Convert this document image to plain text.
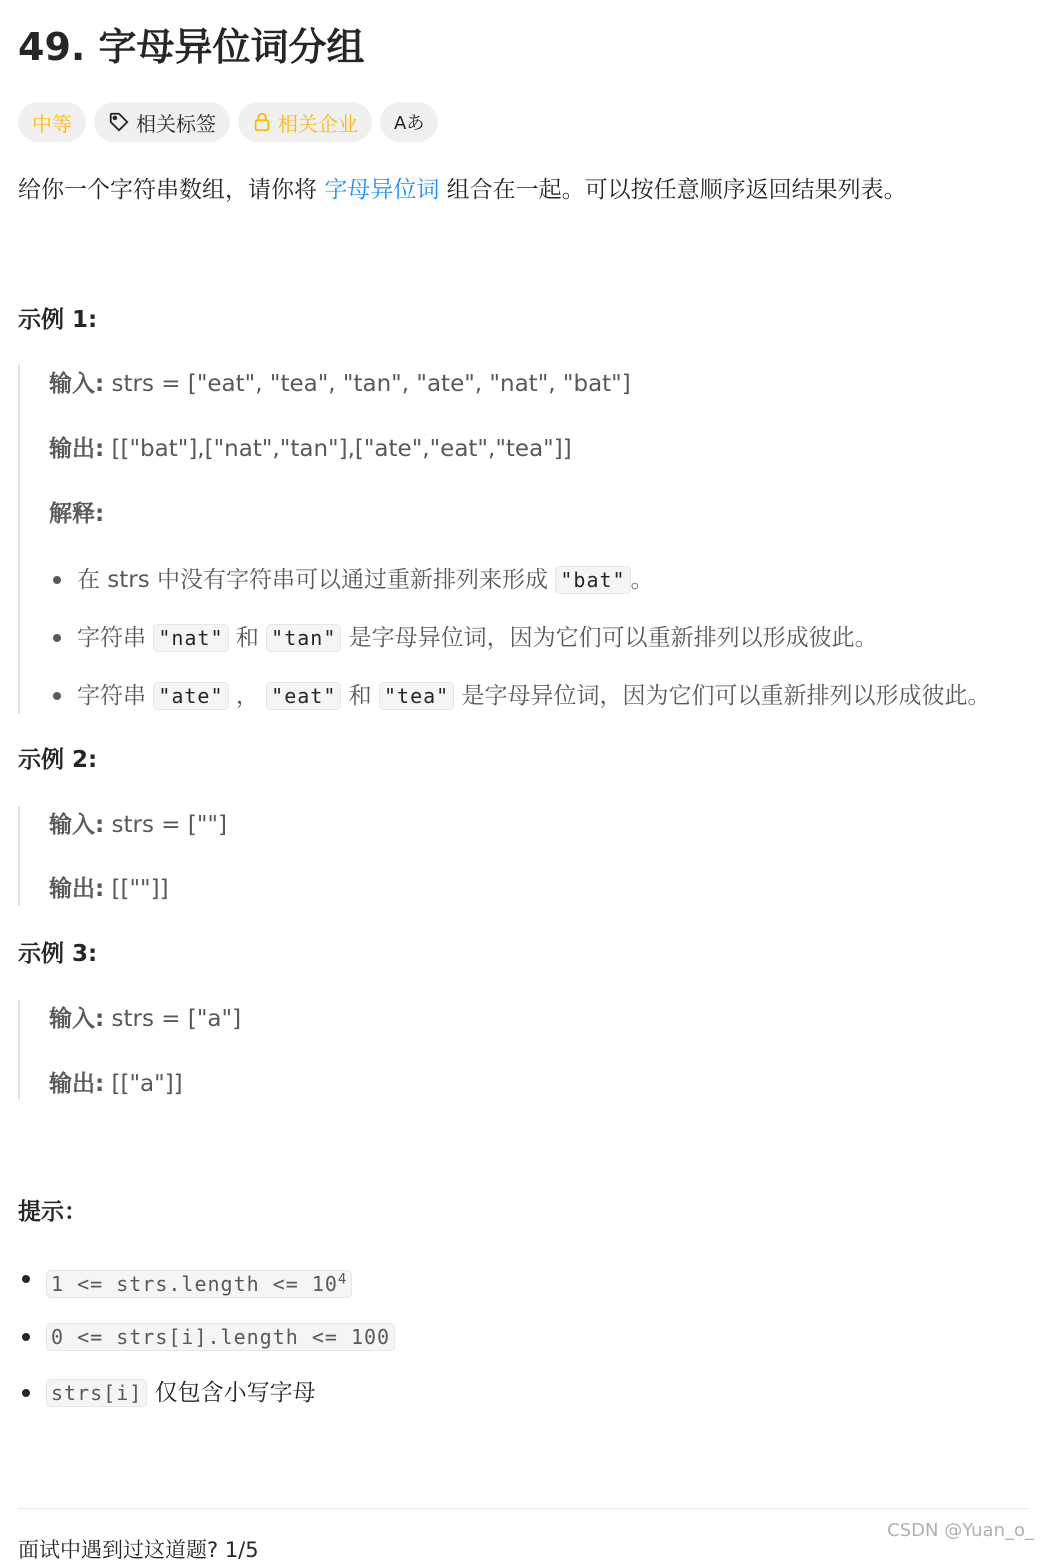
49. 字母异位词分组
中等	相关标签	相关企业 Aあ
给你一个字符串数组，请你将 字母异位词 组合在一起。可以按任意顺序返回结果列表。
示例 1:
输入: strs = ["eat", "tea", "tan", "ate", "nat", "bat"]
输出: [["bat"],["nat","tan"],["ate","eat","tea"]]
解释:
在 strs 中没有字符串可以通过重新排列来形成 "bat" 。
字符串 "nat" 和 "tan" 是字母异位词，因为它们可以重新排列以形成彼此。
字符串 "ate" ， "eat" 和 "tea" 是字母异位词，因为它们可以重新排列以形成彼此。
示例 2:
输入: strs = [""]
输出: [[""]]
示例 3:
输入: strs = ["a"]
输出: [["a"]]
提示：
1 <= strs.length <= $10^4$
0 <= strs[i].length <= 100
strs[i] 仅包含小写字母
面试中遇到过这道题? 1/5
CSDN @Yuan_o_
